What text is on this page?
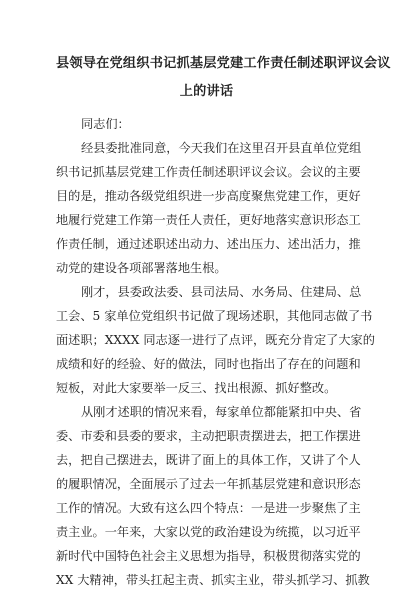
县领导在党组织书记抓基层党建工作责任制述职评议会议
上的讲话

同志们：

经县委批准同意，今天我们在这里召开县直单位党组
织书记抓基层党建工作责任制述职评议会议。会议的主要
目的是，推动各级党组织进一步高度聚焦党建工作，更好
地履行党建工作第一责任人责任，更好地落实意识形态工
作责任制，通过述职述出动力、述出压力、述出活力，推
动党的建设各项部署落地生根。
刚才，县委政法委、县司法局、水务局、住建局、总
工会、5 家单位党组织书记做了现场述职，其他同志做了书
面述职；XXXX 同志逐一进行了点评，既充分肯定了大家的
成绩和好的经验、好的做法，同时也指出了存在的问题和
短板，对此大家要举一反三、找出根源、抓好整改。
从刚才述职的情况来看，每家单位都能紧扣中央、省
委、市委和县委的要求，主动把职责摆进去，把工作摆进
去，把自己摆进去，既讲了面上的具体工作，又讲了个人
的履职情况，全面展示了过去一年抓基层党建和意识形态
工作的情况。大致有这么四个特点：一是进一步聚焦了主
责主业。一年来，大家以党的政治建设为统揽，以习近平
新时代中国特色社会主义思想为指导，积极贯彻落实党的
XX 大精神，带头扛起主责、抓实主业，带头抓学习、抓教
